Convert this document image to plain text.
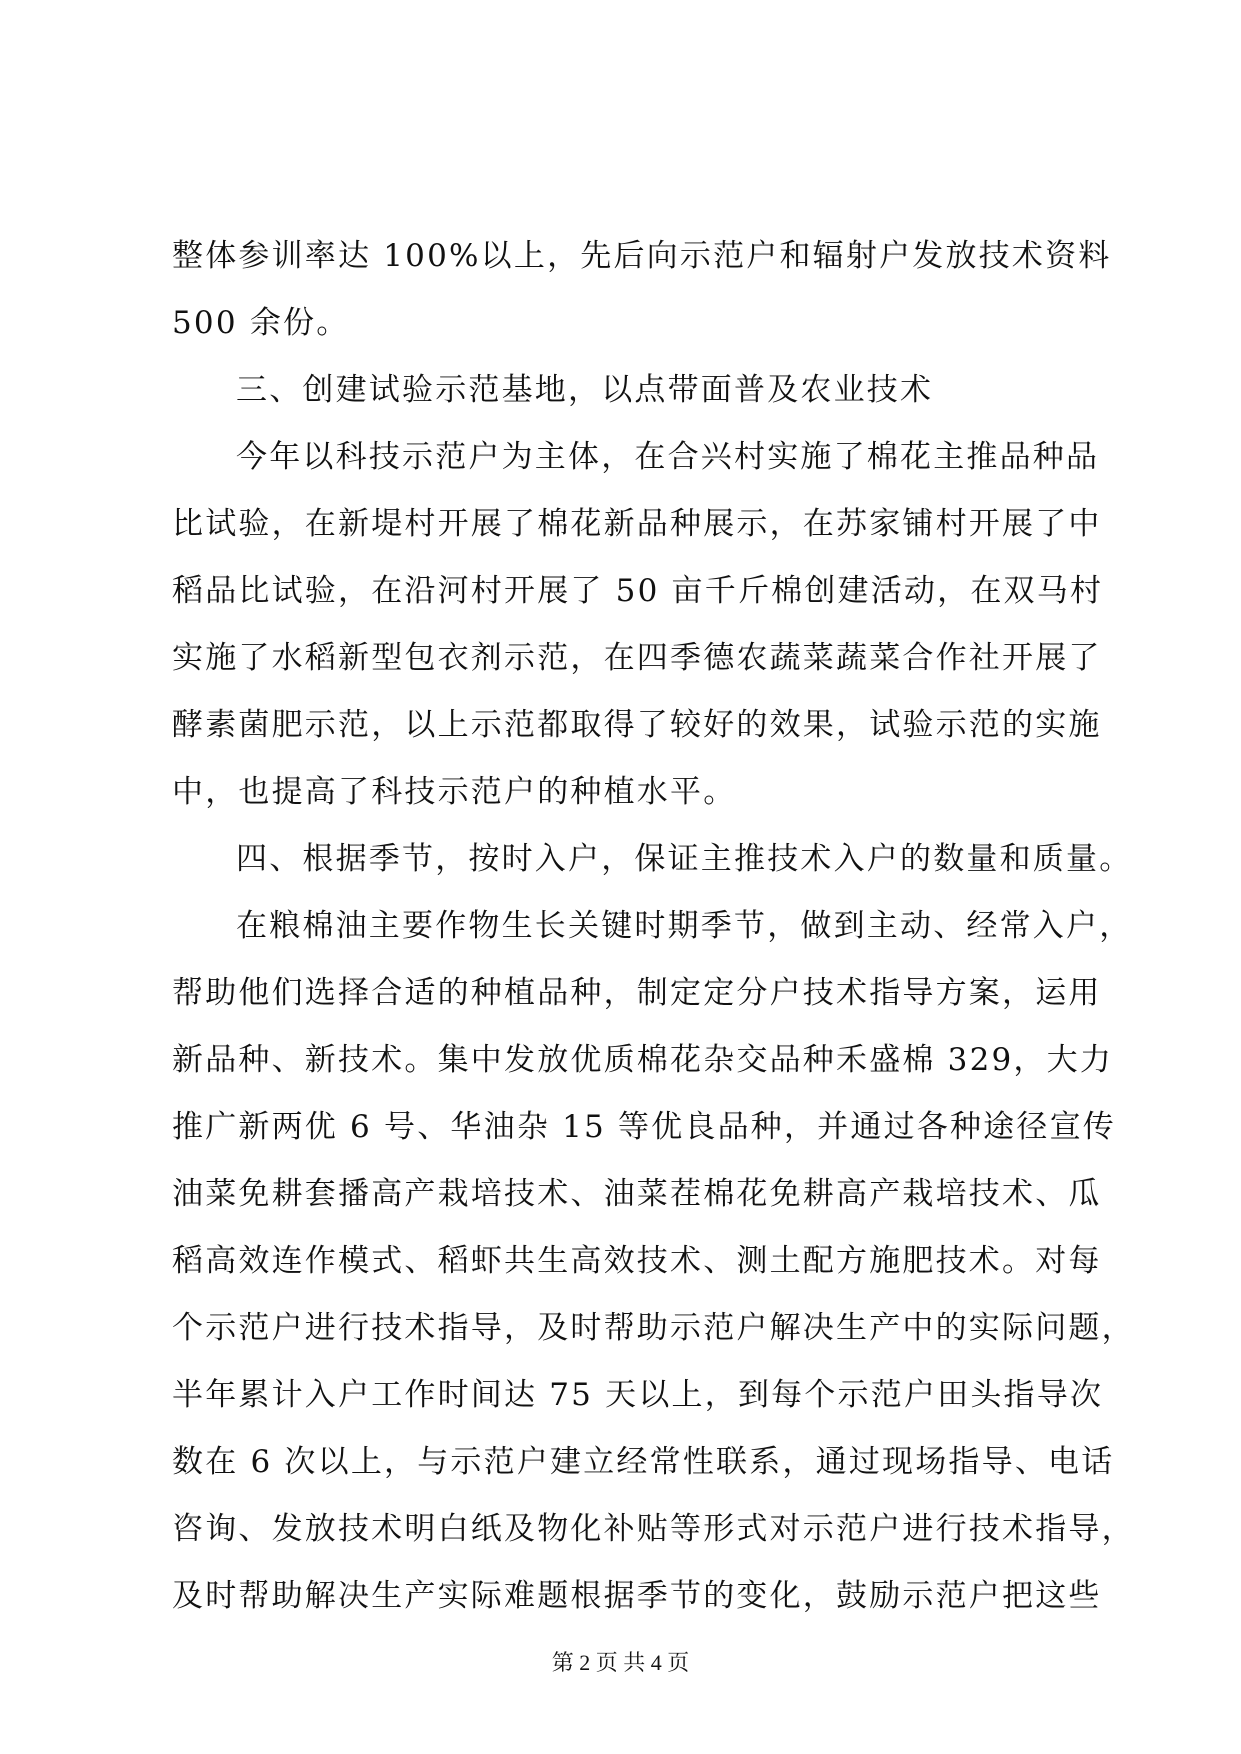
整体参训率达 100%以上，先后向示范户和辐射户发放技术资料
500 余份。
三、创建试验示范基地，以点带面普及农业技术
今年以科技示范户为主体，在合兴村实施了棉花主推品种品
比试验，在新堤村开展了棉花新品种展示，在苏家铺村开展了中
稻品比试验，在沿河村开展了 50 亩千斤棉创建活动，在双马村
实施了水稻新型包衣剂示范，在四季德农蔬菜蔬菜合作社开展了
酵素菌肥示范，以上示范都取得了较好的效果，试验示范的实施
中，也提高了科技示范户的种植水平。
四、根据季节，按时入户，保证主推技术入户的数量和质量。
在粮棉油主要作物生长关键时期季节，做到主动、经常入户，
帮助他们选择合适的种植品种，制定定分户技术指导方案，运用
新品种、新技术。集中发放优质棉花杂交品种禾盛棉 329，大力
推广新两优 6 号、华油杂 15 等优良品种，并通过各种途径宣传
油菜免耕套播高产栽培技术、油菜茬棉花免耕高产栽培技术、瓜
稻高效连作模式、稻虾共生高效技术、测土配方施肥技术。对每
个示范户进行技术指导，及时帮助示范户解决生产中的实际问题，
半年累计入户工作时间达 75 天以上，到每个示范户田头指导次
数在 6 次以上，与示范户建立经常性联系，通过现场指导、电话
咨询、发放技术明白纸及物化补贴等形式对示范户进行技术指导，
及时帮助解决生产实际难题根据季节的变化，鼓励示范户把这些
第 2 页 共 4 页
